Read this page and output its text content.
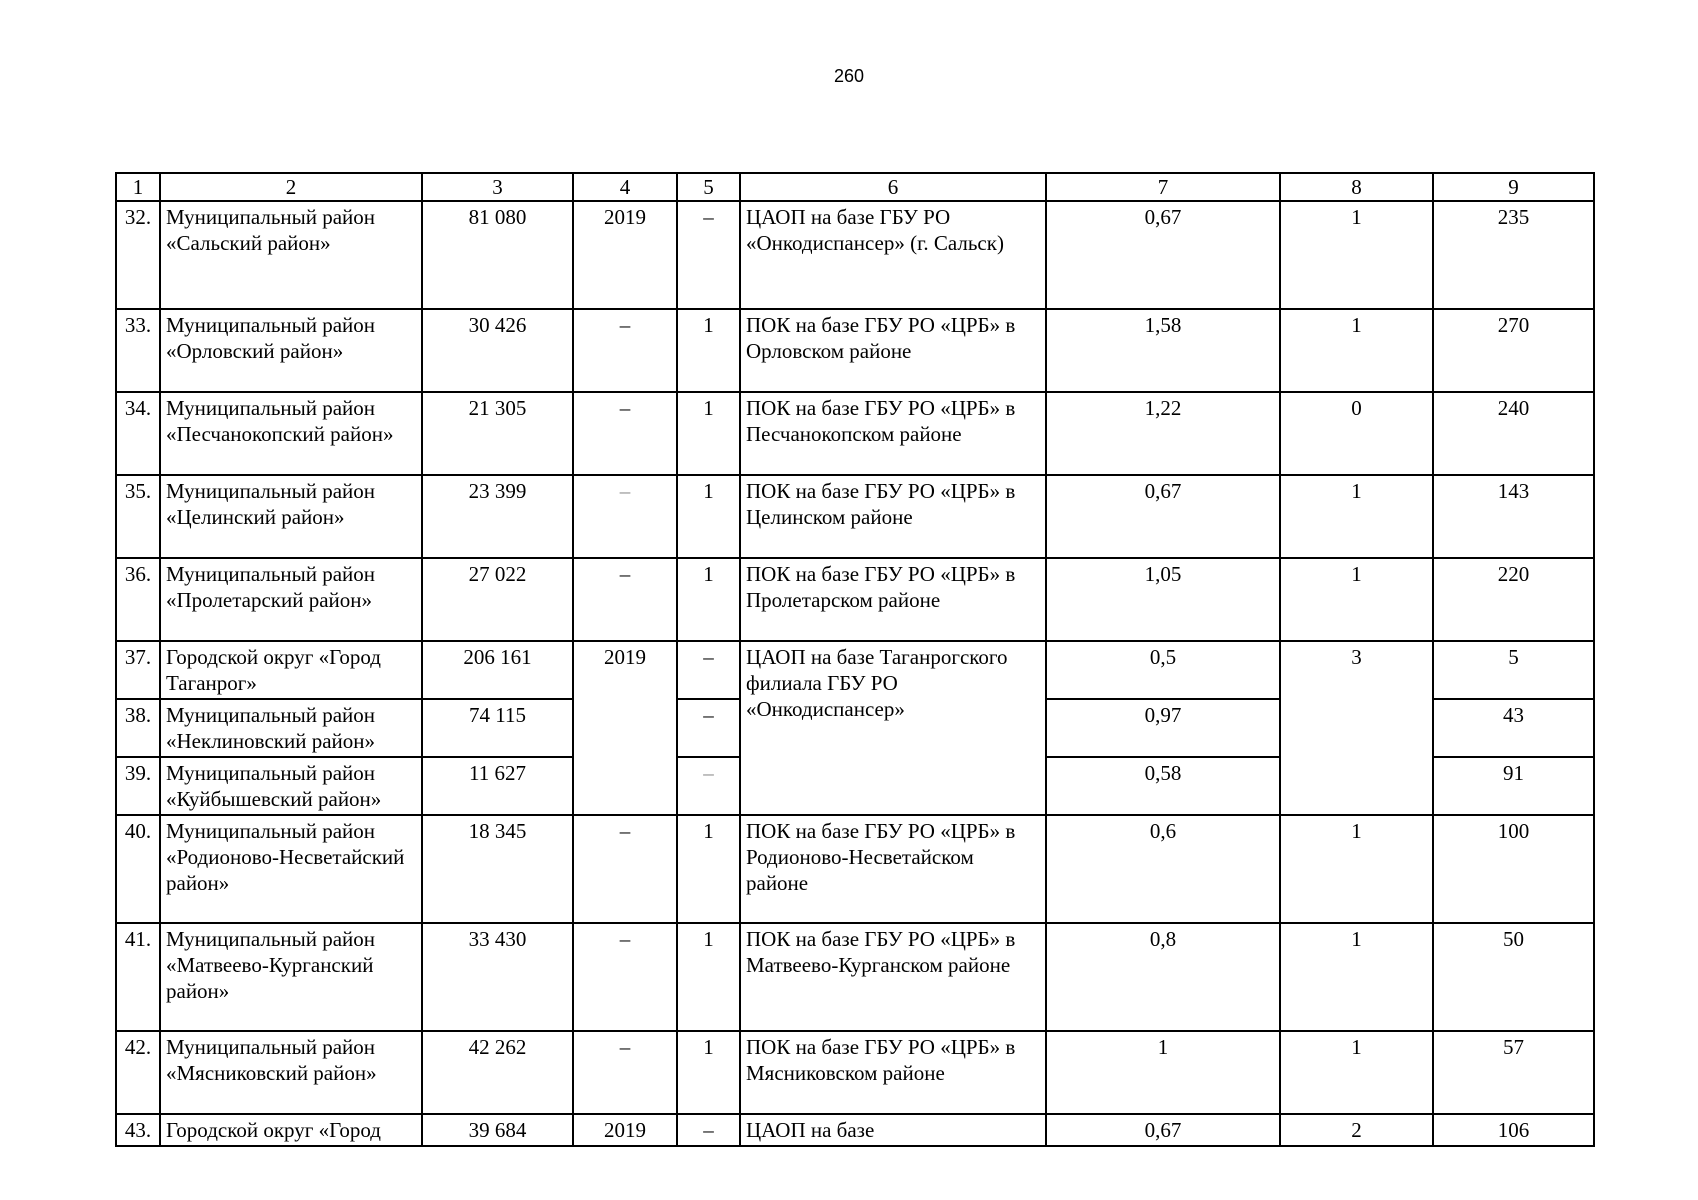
260
1	2	3	4	5	6	7	8	9
32.	Муниципальный район «Сальский район»	81 080	2019	–	ЦАОП на базе ГБУ РО «Онкодиспансер» (г. Сальск)	0,67	1	235
33.	Муниципальный район «Орловский район»	30 426	–	1	ПОК на базе ГБУ РО «ЦРБ» в Орловском районе	1,58	1	270
34.	Муниципальный район «Песчанокопский район»	21 305	–	1	ПОК на базе ГБУ РО «ЦРБ» в Песчанокопском районе	1,22	0	240
35.	Муниципальный район «Целинский район»	23 399	–	1	ПОК на базе ГБУ РО «ЦРБ» в Целинском районе	0,67	1	143
36.	Муниципальный район «Пролетарский район»	27 022	–	1	ПОК на базе ГБУ РО «ЦРБ» в Пролетарском районе	1,05	1	220
37.	Городской округ «Город Таганрог»	206 161	2019	–	ЦАОП на базе Таганрогского филиала ГБУ РО «Онкодиспансер»	0,5	3	5
38.	Муниципальный район «Неклиновский район»	74 115		–		0,97		43
39.	Муниципальный район «Куйбышевский район»	11 627		–		0,58		91
40.	Муниципальный район «Родионово-Несветайский район»	18 345	–	1	ПОК на базе ГБУ РО «ЦРБ» в Родионово-Несветайском районе	0,6	1	100
41.	Муниципальный район «Матвеево-Курганский район»	33 430	–	1	ПОК на базе ГБУ РО «ЦРБ» в Матвеево-Курганском районе	0,8	1	50
42.	Муниципальный район «Мясниковский район»	42 262	–	1	ПОК на базе ГБУ РО «ЦРБ» в Мясниковском районе	1	1	57
43.	Городской округ «Город	39 684	2019	–	ЦАОП на базе	0,67	2	106
